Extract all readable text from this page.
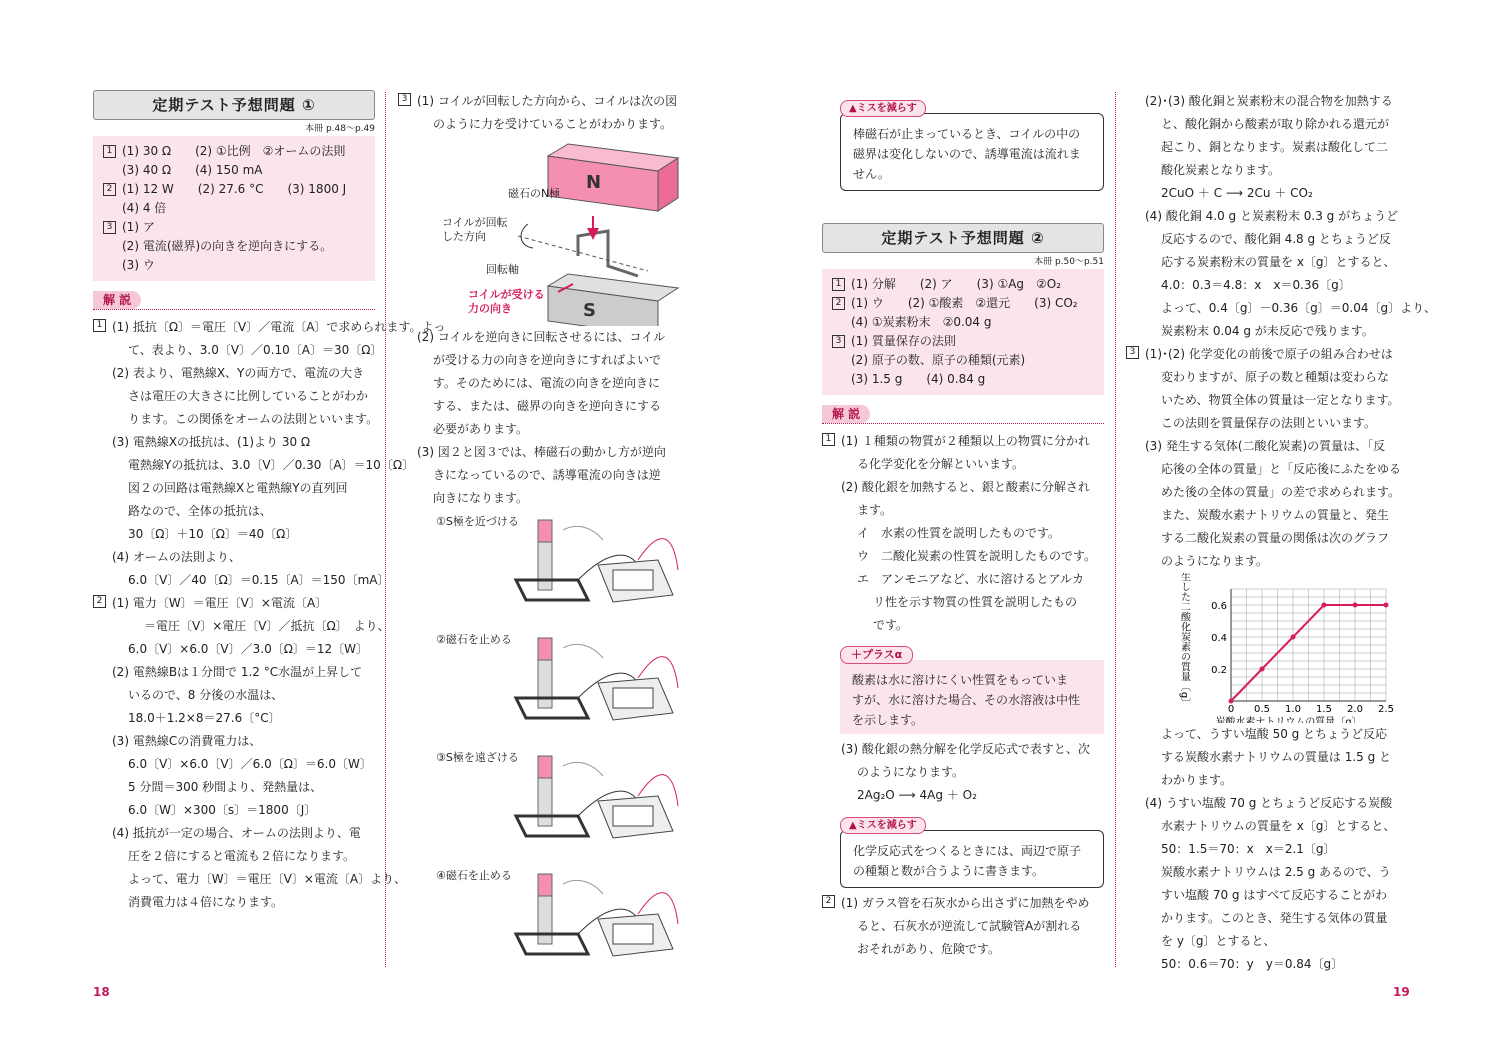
定期テスト予想問題 ①
本冊 p.48～p.49
1 (1) 30 Ω　　(2) ①比例　②オームの法則
(3) 40 Ω　　(4) 150 mA
2 (1) 12 W　　(2) 27.6 °C　　(3) 1800 J
(4) 4 倍
3 (1) ア
(2) 電流(磁界)の向きを逆向きにする。
(3) ウ
解 説
1 (1) 抵抗〔Ω〕＝電圧〔V〕／電流〔A〕で求められます。よっ
て、表より、3.0〔V〕／0.10〔A〕＝30〔Ω〕
(2) 表より、電熱線X、Yの両方で、電流の大き
さは電圧の大きさに比例していることがわか
ります。この関係をオームの法則といいます。
(3) 電熱線Xの抵抗は、(1)より 30 Ω
電熱線Yの抵抗は、3.0〔V〕／0.30〔A〕＝10〔Ω〕
図２の回路は電熱線Xと電熱線Yの直列回
路なので、全体の抵抗は、
30〔Ω〕＋10〔Ω〕＝40〔Ω〕
(4) オームの法則より、
6.0〔V〕／40〔Ω〕＝0.15〔A〕＝150〔mA〕
2 (1) 電力〔W〕＝電圧〔V〕×電流〔A〕
＝電圧〔V〕×電圧〔V〕／抵抗〔Ω〕　より、
6.0〔V〕×6.0〔V〕／3.0〔Ω〕＝12〔W〕
(2) 電熱線Bは１分間で 1.2 °C水温が上昇して
いるので、8 分後の水温は、
18.0＋1.2×8＝27.6〔°C〕
(3) 電熱線Cの消費電力は、
6.0〔V〕×6.0〔V〕／6.0〔Ω〕＝6.0〔W〕
5 分間＝300 秒間より、発熱量は、
6.0〔W〕×300〔s〕＝1800〔J〕
(4) 抵抗が一定の場合、オームの法則より、電
圧を２倍にすると電流も２倍になります。
よって、電力〔W〕＝電圧〔V〕×電流〔A〕より、
消費電力は４倍になります。
3 (1) コイルが回転した方向から、コイルは次の図
のように力を受けていることがわかります。
N
S
磁石のN極
コイルが回転
した方向
回転軸
コイルが受ける
力の向き
(2) コイルを逆向きに回転させるには、コイル
が受ける力の向きを逆向きにすればよいで
す。そのためには、電流の向きを逆向きに
する、または、磁界の向きを逆向きにする
必要があります。
(3) 図２と図３では、棒磁石の動かし方が逆向
きになっているので、誘導電流の向きは逆
向きになります。
①S極を近づける
②磁石を止める
③S極を遠ざける
④磁石を止める
▲ミスを減らす
棒磁石が止まっているとき、コイルの中の
磁界は変化しないので、誘導電流は流れま
せん。
定期テスト予想問題 ②
本冊 p.50～p.51
1 (1) 分解　　(2) ア　　(3) ①Ag　②O₂
2 (1) ウ　　(2) ①酸素　②還元　　(3) CO₂
(4) ①炭素粉末　②0.04 g
3 (1) 質量保存の法則
(2) 原子の数、原子の種類(元素)
(3) 1.5 g　　(4) 0.84 g
解 説
1 (1) １種類の物質が２種類以上の物質に分かれ
る化学変化を分解といいます。
(2) 酸化銀を加熱すると、銀と酸素に分解され
ます。
イ　水素の性質を説明したものです。
ウ　二酸化炭素の性質を説明したものです。
エ　アンモニアなど、水に溶けるとアルカ
リ性を示す物質の性質を説明したもの
です。
＋プラスα
酸素は水に溶けにくい性質をもっていま
すが、水に溶けた場合、その水溶液は中性
を示します。
(3) 酸化銀の熱分解を化学反応式で表すと、次
のようになります。
2Ag₂O ⟶ 4Ag ＋ O₂
▲ミスを減らす
化学反応式をつくるときには、両辺で原子
の種類と数が合うように書きます。
2 (1) ガラス管を石灰水から出さずに加熱をやめ
ると、石灰水が逆流して試験管Aが割れる
おそれがあり、危険です。
(2)･(3) 酸化銅と炭素粉末の混合物を加熱する
と、酸化銅から酸素が取り除かれる還元が
起こり、銅となります。炭素は酸化して二
酸化炭素となります。
2CuO ＋ C ⟶ 2Cu ＋ CO₂
(4) 酸化銅 4.0 g と炭素粉末 0.3 g がちょうど
反応するので、酸化銅 4.8 g とちょうど反
応する炭素粉末の質量を x〔g〕とすると、
4.0：0.3＝4.8：x　x＝0.36〔g〕
よって、0.4〔g〕－0.36〔g〕＝0.04〔g〕より、
炭素粉末 0.04 g が未反応で残ります。
3 (1)･(2) 化学変化の前後で原子の組み合わせは
変わりますが、原子の数と種類は変わらな
いため、物質全体の質量は一定となります。
この法則を質量保存の法則といいます。
(3) 発生する気体(二酸化炭素)の質量は、「反
応後の全体の質量」と「反応後にふたをゆる
めた後の全体の質量」の差で求められます。
また、炭酸水素ナトリウムの質量と、発生
する二酸化炭素の質量の関係は次のグラフ
のようになります。
0 0.5 1.0 1.5 2.0 2.5
0.2
0.4
0.6
炭酸水素ナトリウムの質量〔g〕
発生した二酸化炭素の質量〔g〕
よって、うすい塩酸 50 g とちょうど反応
する炭酸水素ナトリウムの質量は 1.5 g と
わかります。
(4) うすい塩酸 70 g とちょうど反応する炭酸
水素ナトリウムの質量を x〔g〕とすると、
50：1.5＝70：x　x＝2.1〔g〕
炭酸水素ナトリウムは 2.5 g あるので、う
すい塩酸 70 g はすべて反応することがわ
かります。このとき、発生する気体の質量
を y〔g〕とすると、
50：0.6＝70：y　y＝0.84〔g〕
18	19
